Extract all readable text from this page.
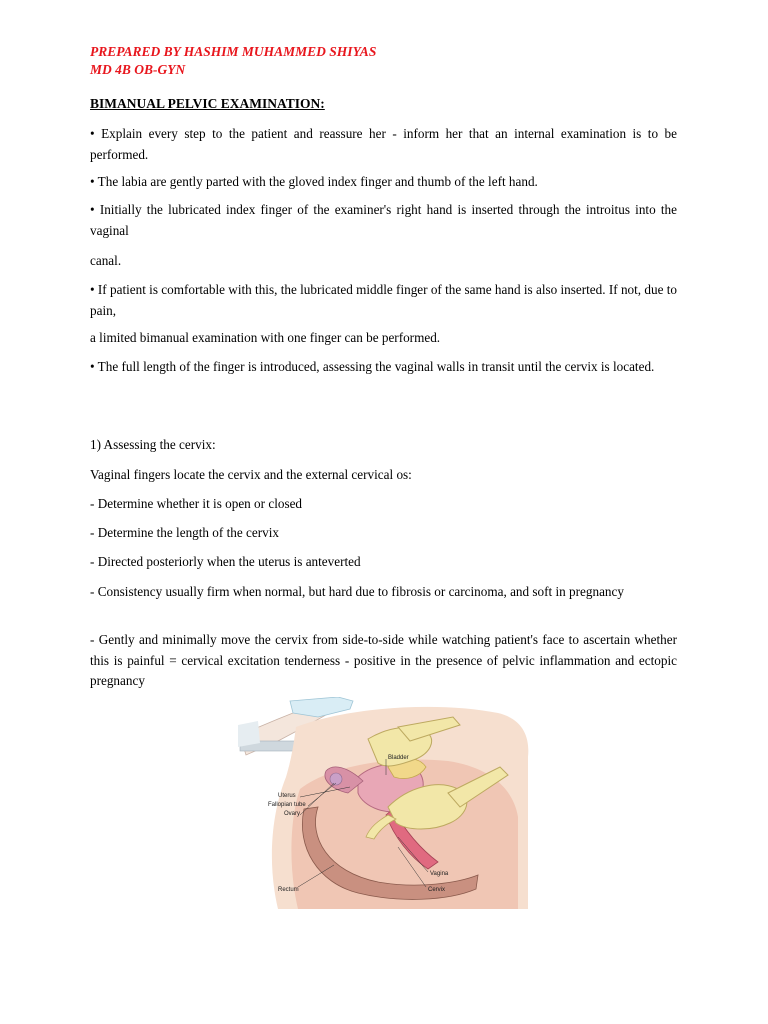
PREPARED BY HASHIM MUHAMMED SHIYAS
MD 4B OB-GYN
BIMANUAL PELVIC EXAMINATION:

• Explain every step to the patient and reassure her - inform her that an internal examination is to be performed.

• The labia are gently parted with the gloved index finger and thumb of the left hand.

• Initially the lubricated index finger of the examiner's right hand is inserted through the introitus into the vaginal

canal.

• If patient is comfortable with this, the lubricated middle finger of the same hand is also inserted. If not, due to pain,

a limited bimanual examination with one finger can be performed.

• The full length of the finger is introduced, assessing the vaginal walls in transit until the cervix is located.

1) Assessing the cervix:

Vaginal fingers locate the cervix and the external cervical os:

- Determine whether it is open or closed

- Determine the length of the cervix

- Directed posteriorly when the uterus is anteverted

- Consistency usually firm when normal, but hard due to fibrosis or carcinoma, and soft in pregnancy

- Gently and minimally move the cervix from side-to-side while watching patient's face to ascertain whether this is painful = cervical excitation tenderness - positive in the presence of pelvic inflammation and ectopic pregnancy

Bladder
Uterus
Fallopian tube
Ovary
Vagina
Rectum	Cervix
